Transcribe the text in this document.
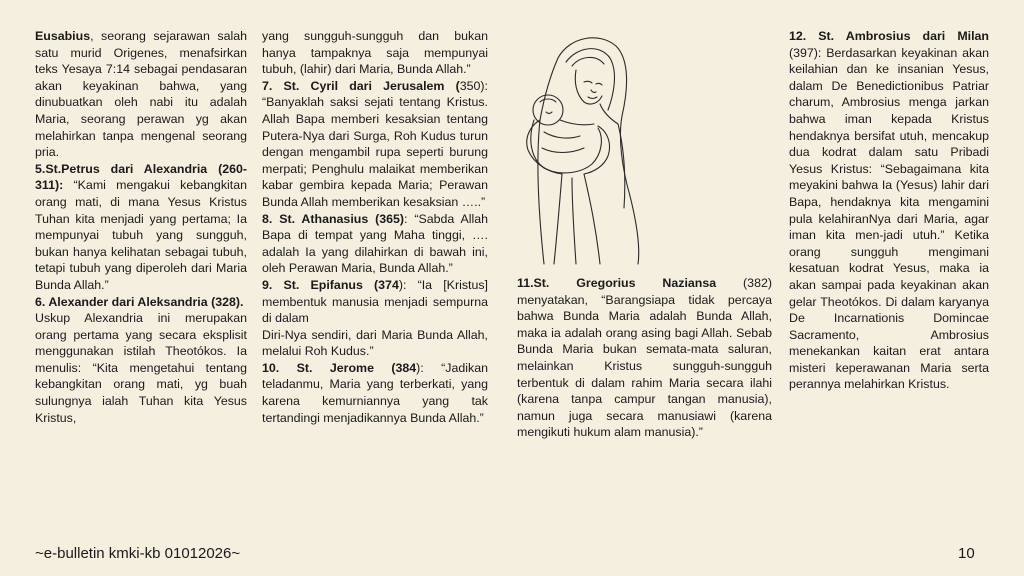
Eusabius, seorang sejarawan salah satu murid Origenes, menafsirkan teks Yesaya 7:14 sebagai pendasaran akan keyakinan bahwa, yang dinubuatkan oleh nabi itu adalah Maria, seorang perawan yg akan melahirkan tanpa mengenal seorang pria.

5.St.Petrus dari Alexandria (260-311): “Kami mengakui kebangkitan orang mati, di mana Yesus Kristus Tuhan kita menjadi yang pertama; Ia mempunyai tubuh yang sungguh, bukan hanya kelihatan sebagai tubuh, tetapi tubuh yang diperoleh dari Maria Bunda Allah.”

6. Alexander dari Aleksandria (328).

Uskup Alexandria ini merupakan orang pertama yang secara eksplisit menggunakan istilah Theotókos. Ia menulis: “Kita mengetahui tentang kebangkitan orang mati, yg buah sulungnya ialah Tuhan kita Yesus Kristus,

yang sungguh-sungguh dan bukan hanya tampaknya saja mempunyai tubuh, (lahir) dari Maria, Bunda Allah.”

7. St. Cyril dari Jerusalem (350): “Banyaklah saksi sejati tentang Kristus. Allah Bapa memberi kesaksian tentang Putera-Nya dari Surga, Roh Kudus turun dengan mengambil rupa seperti burung merpati; Penghulu malaikat memberikan kabar gembira kepada Maria; Perawan Bunda Allah memberikan kesaksian …..”

8. St. Athanasius (365): “Sabda Allah Bapa di tempat yang Maha tinggi, …. adalah Ia yang dilahirkan di bawah ini, oleh Perawan Maria, Bunda Allah.”

9. St. Epifanus (374): “Ia [Kristus] membentuk manusia menjadi sempurna di dalam

Diri-Nya sendiri, dari Maria Bunda Allah, melalui Roh Kudus.”

10. St. Jerome (384): “Jadikan teladanmu, Maria yang terberkati, yang karena kemurniannya yang tak tertandingi menjadikannya Bunda Allah.”

11.St. Gregorius Naziansa (382) menyatakan, “Barangsiapa tidak percaya bahwa Bunda Maria adalah Bunda Allah, maka ia adalah orang asing bagi Allah. Sebab Bunda Maria bukan semata-mata saluran, melainkan Kristus sungguh-sungguh terbentuk di dalam rahim Maria secara ilahi (karena tanpa campur tangan manusia), namun juga secara manusiawi (karena mengikuti hukum alam manusia).”

12. St. Ambrosius dari Milan (397): Berdasarkan keyakinan akan keilahian dan ke insanian Yesus, dalam De Benedictionibus Patriar charum, Ambrosius menga jarkan bahwa iman kepada Kristus hendaknya bersifat utuh, mencakup dua kodrat dalam satu Pribadi Yesus Kristus: “Sebagaimana kita meyakini bahwa Ia (Yesus) lahir dari Bapa, hendaknya kita mengamini pula kelahiranNya dari Maria, agar iman kita men-jadi utuh.” Ketika orang sungguh mengimani kesatuan kodrat Yesus, maka ia akan sampai pada keyakinan akan gelar Theotókos. Di dalam karyanya De Incarnationis Domincae Sacramento, Ambrosius menekankan kaitan erat antara misteri keperawanan Maria serta perannya melahirkan Kristus.

~e-bulletin kmki-kb 01012026~	10
